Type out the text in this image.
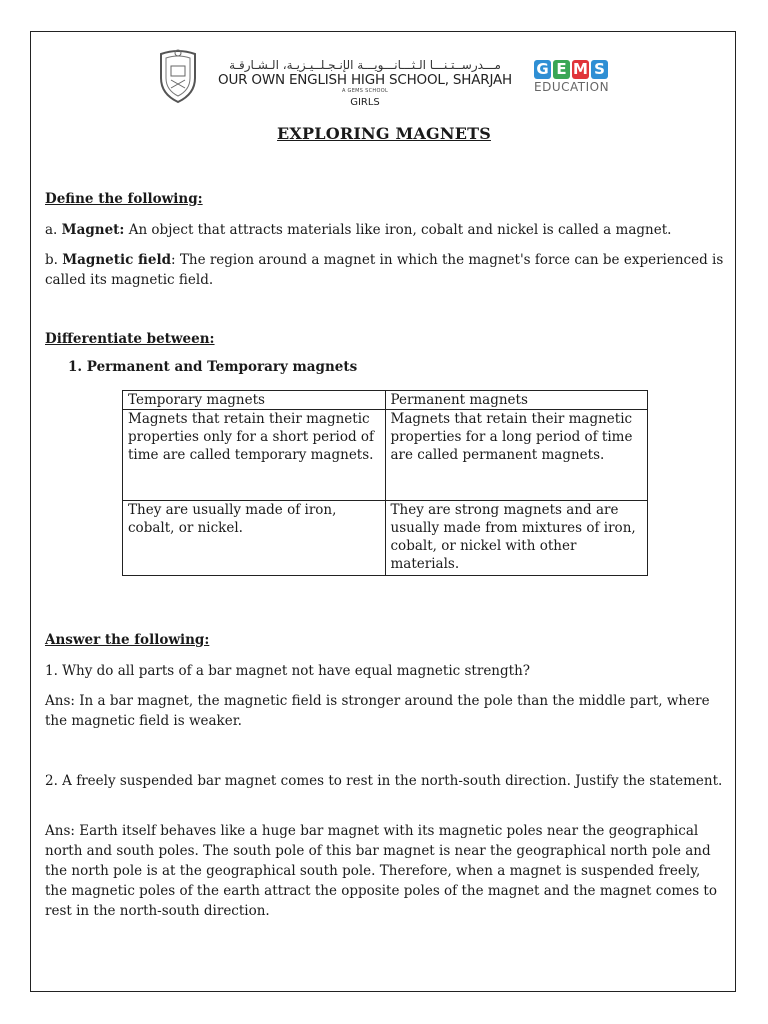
مـــدرســتـنـــا الـثـــانـــويـــة الإنـجـلــيـزيـة، الـشـارقـة
OUR OWN ENGLISH HIGH SCHOOL, SHARJAH
A GEMS SCHOOL
GIRLS
G E M S
EDUCATION
EXPLORING MAGNETS
Define the following:
a. Magnet: An object that attracts materials like iron, cobalt and nickel is called a magnet.
b. Magnetic field: The region around a magnet in which the magnet's force can be experienced is called its magnetic field.
Differentiate between:
1. Permanent and Temporary magnets
Temporary magnets	Permanent magnets
Magnets that retain their magnetic properties only for a short period of time are called temporary magnets.	Magnets that retain their magnetic properties for a long period of time are called permanent magnets.
They are usually made of iron, cobalt, or nickel.	They are strong magnets and are usually made from mixtures of iron, cobalt, or nickel with other materials.
Answer the following:
1. Why do all parts of a bar magnet not have equal magnetic strength?
Ans: In a bar magnet, the magnetic field is stronger around the pole than the middle part, where the magnetic field is weaker.
2. A freely suspended bar magnet comes to rest in the north-south direction. Justify the statement.
Ans: Earth itself behaves like a huge bar magnet with its magnetic poles near the geographical north and south poles. The south pole of this bar magnet is near the geographical north pole and the north pole is at the geographical south pole. Therefore, when a magnet is suspended freely, the magnetic poles of the earth attract the opposite poles of the magnet and the magnet comes to rest in the north-south direction.
